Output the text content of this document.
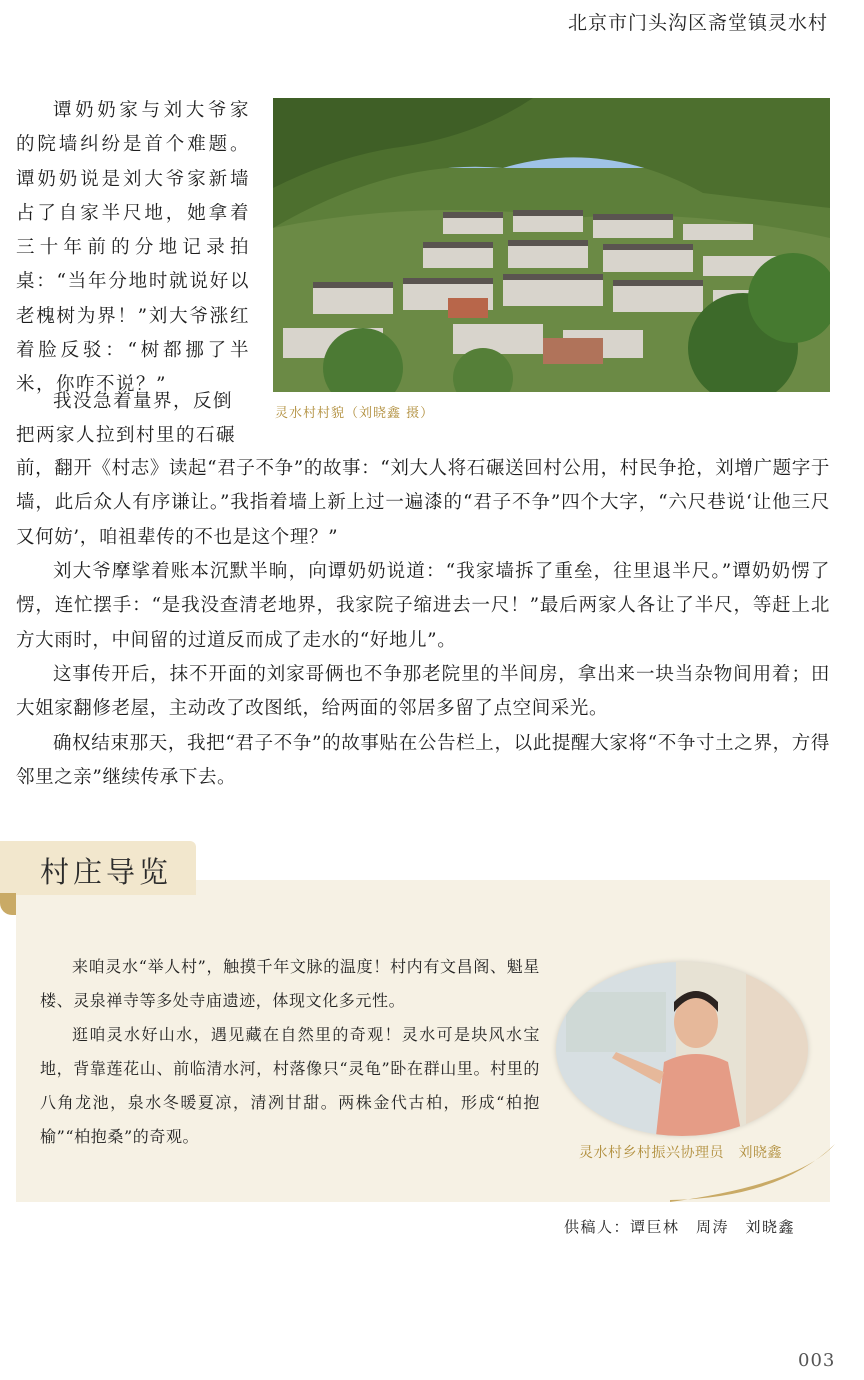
北京市门头沟区斋堂镇灵水村
灵水村村貌（刘晓鑫 摄）

谭奶奶家与刘大爷家的院墙纠纷是首个难题。谭奶奶说是刘大爷家新墙占了自家半尺地，她拿着三十年前的分地记录拍桌：“当年分地时就说好以老槐树为界！”刘大爷涨红着脸反驳：“树都挪了半米，你咋不说？”

我没急着量界，反倒把两家人拉到村里的石碾

前，翻开《村志》读起“君子不争”的故事：“刘大人将石碾送回村公用，村民争抢，刘增广题字于墙，此后众人有序谦让。”我指着墙上新上过一遍漆的“君子不争”四个大字，“六尺巷说‘让他三尺又何妨’，咱祖辈传的不也是这个理？”

刘大爷摩挲着账本沉默半晌，向谭奶奶说道：“我家墙拆了重垒，往里退半尺。”谭奶奶愣了愣，连忙摆手：“是我没查清老地界，我家院子缩进去一尺！”最后两家人各让了半尺，等赶上北方大雨时，中间留的过道反而成了走水的“好地儿”。

这事传开后，抹不开面的刘家哥俩也不争那老院里的半间房，拿出来一块当杂物间用着；田大姐家翻修老屋，主动改了改图纸，给两面的邻居多留了点空间采光。

确权结束那天，我把“君子不争”的故事贴在公告栏上，以此提醒大家将“不争寸土之界，方得邻里之亲”继续传承下去。

村庄导览

来咱灵水“举人村”，触摸千年文脉的温度！村内有文昌阁、魁星楼、灵泉禅寺等多处寺庙遗迹，体现文化多元性。

逛咱灵水好山水，遇见藏在自然里的奇观！灵水可是块风水宝地，背靠莲花山、前临清水河，村落像只“灵龟”卧在群山里。村里的八角龙池，泉水冬暖夏凉，清冽甘甜。两株金代古柏，形成“柏抱榆”“柏抱桑”的奇观。

灵水村乡村振兴协理员　刘晓鑫
供稿人：谭巨林　周涛　刘晓鑫
003
